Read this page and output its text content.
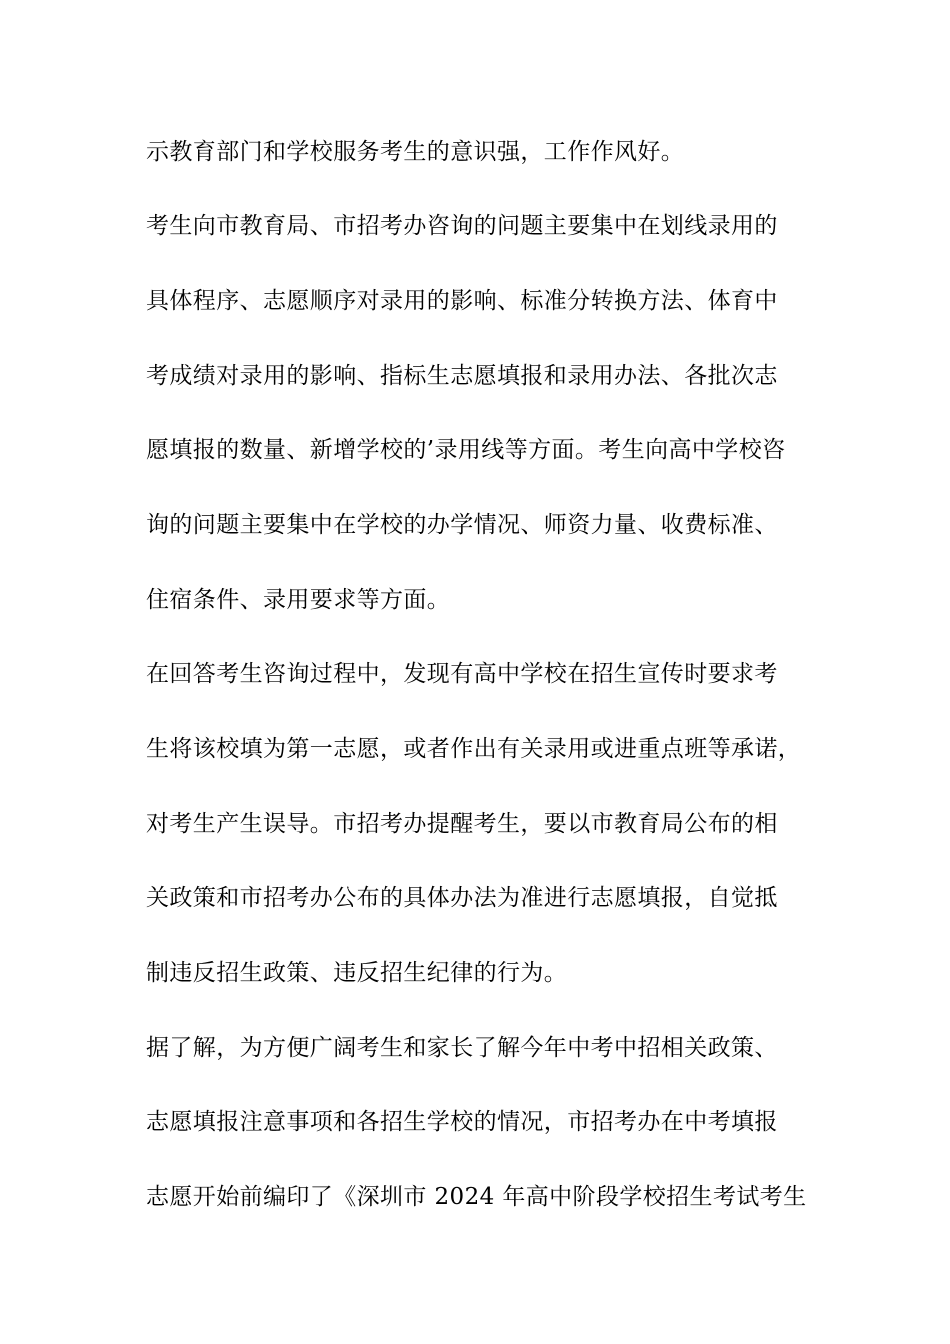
示教育部门和学校服务考生的意识强，工作作风好。
考生向市教育局、市招考办咨询的问题主要集中在划线录用的
具体程序、志愿顺序对录用的影响、标准分转换方法、体育中
考成绩对录用的影响、指标生志愿填报和录用办法、各批次志
愿填报的数量、新增学校的’录用线等方面。考生向高中学校咨
询的问题主要集中在学校的办学情况、师资力量、收费标准、
住宿条件、录用要求等方面。
在回答考生咨询过程中，发现有高中学校在招生宣传时要求考
生将该校填为第一志愿，或者作出有关录用或进重点班等承诺，
对考生产生误导。市招考办提醒考生，要以市教育局公布的相
关政策和市招考办公布的具体办法为准进行志愿填报，自觉抵
制违反招生政策、违反招生纪律的行为。
据了解，为方便广阔考生和家长了解今年中考中招相关政策、
志愿填报注意事项和各招生学校的情况，市招考办在中考填报
志愿开始前编印了《深圳市 2024 年高中阶段学校招生考试考生
